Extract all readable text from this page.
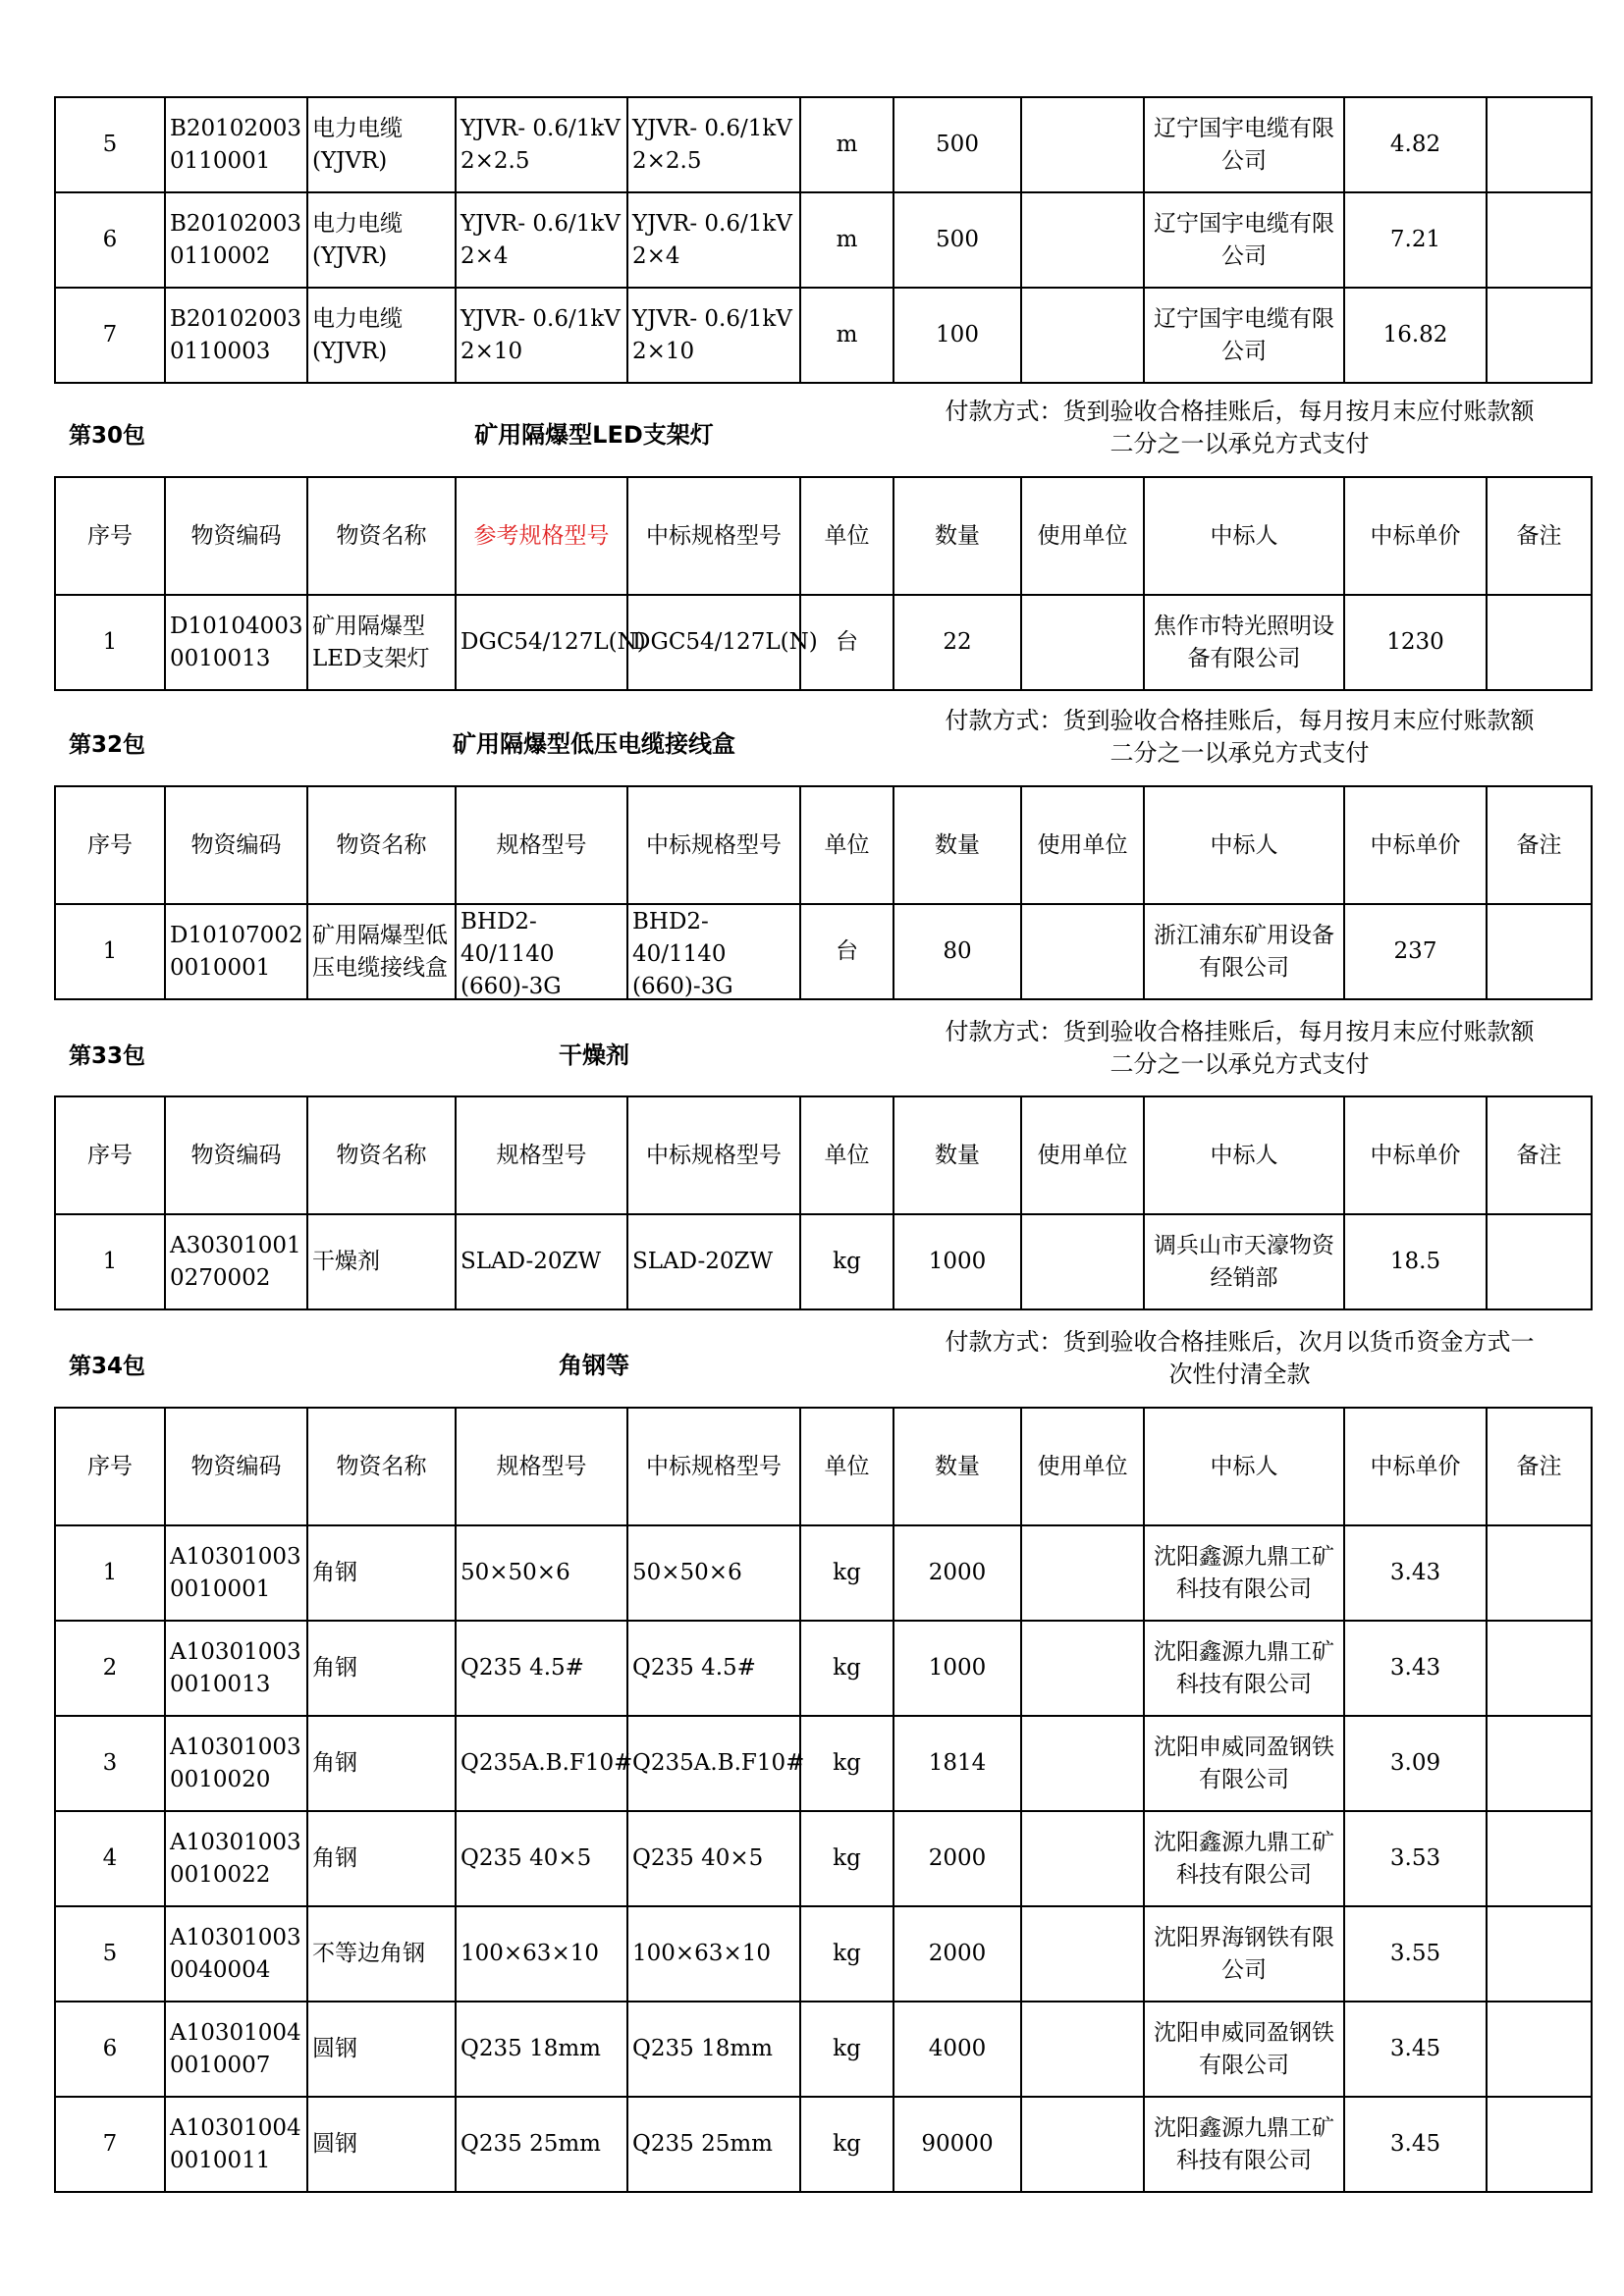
5	B20102003 0110001	电力电缆 (YJVR)	YJVR- 0.6/1kV 2×2.5	YJVR- 0.6/1kV 2×2.5	m	500		辽宁国宇电缆有限公司	4.82	

6	B20102003 0110002	电力电缆 (YJVR)	YJVR- 0.6/1kV 2×4	YJVR- 0.6/1kV 2×4	m	500		辽宁国宇电缆有限公司	7.21	

7	B20102003 0110003	电力电缆 (YJVR)	YJVR- 0.6/1kV 2×10	YJVR- 0.6/1kV 2×10	m	100		辽宁国宇电缆有限公司	16.82	

第30包	矿用隔爆型LED支架灯
付款方式：货到验收合格挂账后，每月按月末应付账款额
二分之一以承兑方式支付
序号	物资编码	物资名称	参考规格型号	中标规格型号	单位	数量	使用单位	中标人	中标单价	备注

1	D10104003 0010013	矿用隔爆型LED支架灯	DGC54/127L(N)	DGC54/127L(N)	台	22		焦作市特光照明设备有限公司	1230	

第32包	矿用隔爆型低压电缆接线盒
付款方式：货到验收合格挂账后，每月按月末应付账款额
二分之一以承兑方式支付
序号	物资编码	物资名称	规格型号	中标规格型号	单位	数量	使用单位	中标人	中标单价	备注

1	D10107002 0010001	矿用隔爆型低压电缆接线盒	BHD2- 40/1140 (660)-3G	BHD2- 40/1140 (660)-3G	台	80		浙江浦东矿用设备有限公司	237	

第33包	干燥剂
付款方式：货到验收合格挂账后，每月按月末应付账款额
二分之一以承兑方式支付
序号	物资编码	物资名称	规格型号	中标规格型号	单位	数量	使用单位	中标人	中标单价	备注

1	A30301001 0270002	干燥剂	SLAD-20ZW	SLAD-20ZW	kg	1000		调兵山市天濠物资经销部	18.5	

第34包	角钢等
付款方式：货到验收合格挂账后，次月以货币资金方式一
次性付清全款
序号	物资编码	物资名称	规格型号	中标规格型号	单位	数量	使用单位	中标人	中标单价	备注

1	A10301003 0010001	角钢	50×50×6	50×50×6	kg	2000		沈阳鑫源九鼎工矿科技有限公司	3.43	

2	A10301003 0010013	角钢	Q235 4.5#	Q235 4.5#	kg	1000		沈阳鑫源九鼎工矿科技有限公司	3.43	

3	A10301003 0010020	角钢	Q235A.B.F10#	Q235A.B.F10#	kg	1814		沈阳申威同盈钢铁有限公司	3.09	

4	A10301003 0010022	角钢	Q235 40×5	Q235 40×5	kg	2000		沈阳鑫源九鼎工矿科技有限公司	3.53	

5	A10301003 0040004	不等边角钢	100×63×10	100×63×10	kg	2000		沈阳界海钢铁有限公司	3.55	

6	A10301004 0010007	圆钢	Q235 18mm	Q235 18mm	kg	4000		沈阳申威同盈钢铁有限公司	3.45	

7	A10301004 0010011	圆钢	Q235 25mm	Q235 25mm	kg	90000		沈阳鑫源九鼎工矿科技有限公司	3.45	
